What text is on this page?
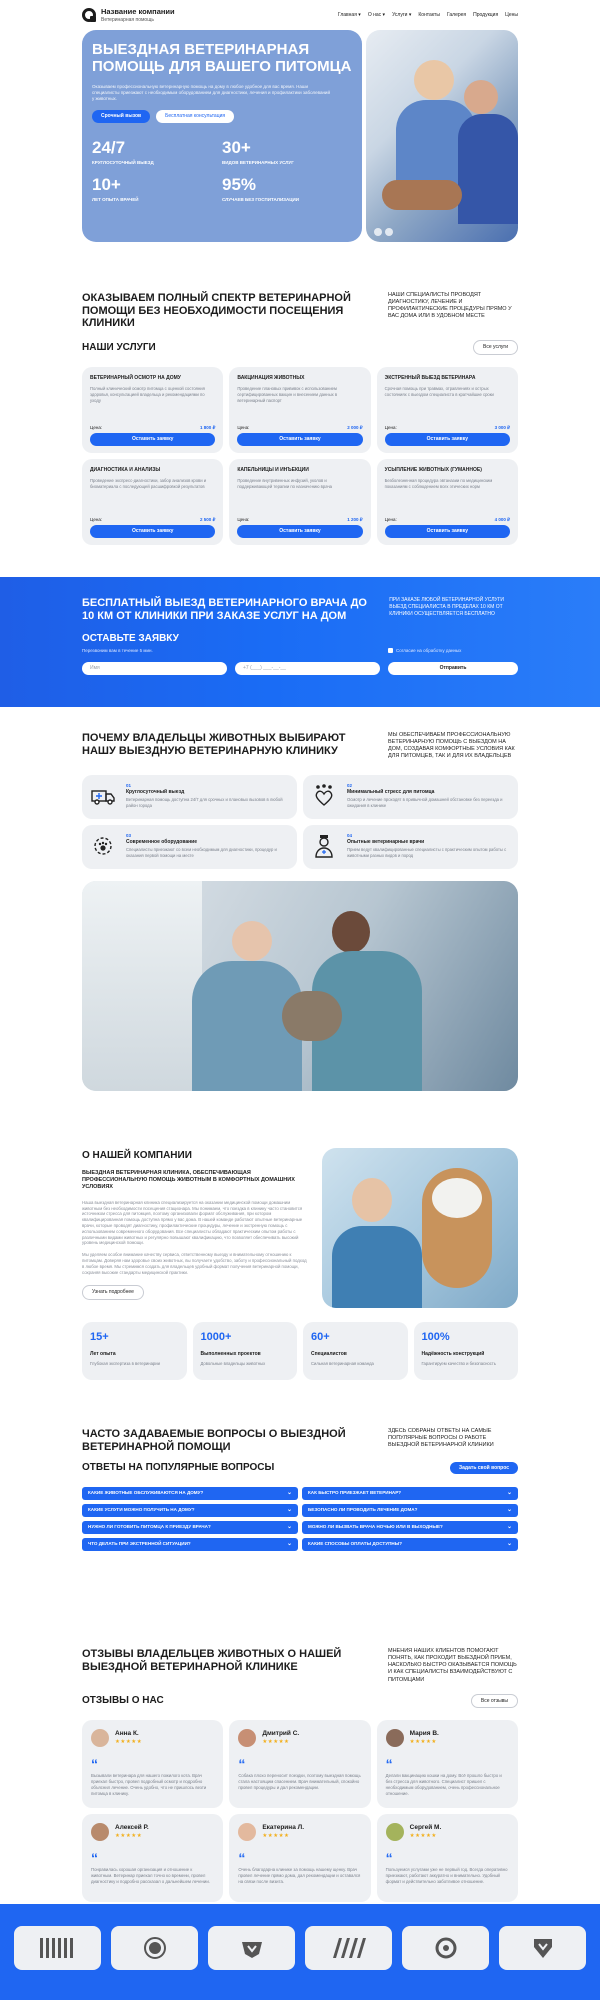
Название компании
Ветеринарная помощь
Главная ▾ О нас ▾ Услуги ▾ Контакты Галерея Продукция Цены
ВЫЕЗДНАЯ ВЕТЕРИНАРНАЯ ПОМОЩЬ ДЛЯ ВАШЕГО ПИТОМЦА
Оказываем профессиональную ветеринарную помощь на дому в любое удобное для вас время. Наши специалисты приезжают с необходимым оборудованием для диагностики, лечения и профилактики заболеваний у животных.
Срочный вызов	Бесплатная консультация
24/7
КРУГЛОСУТОЧНЫЙ ВЫЕЗД
30+
ВИДОВ ВЕТЕРИНАРНЫХ УСЛУГ
10+
ЛЕТ ОПЫТА ВРАЧЕЙ
95%
СЛУЧАЕВ БЕЗ ГОСПИТАЛИЗАЦИИ
ОКАЗЫВАЕМ ПОЛНЫЙ СПЕКТР ВЕТЕРИНАРНОЙ ПОМОЩИ БЕЗ НЕОБХОДИМОСТИ ПОСЕЩЕНИЯ КЛИНИКИ
НАШИ СПЕЦИАЛИСТЫ ПРОВОДЯТ ДИАГНОСТИКУ, ЛЕЧЕНИЕ И ПРОФИЛАКТИЧЕСКИЕ ПРОЦЕДУРЫ ПРЯМО У ВАС ДОМА ИЛИ В УДОБНОМ МЕСТЕ
НАШИ УСЛУГИ	Все услуги
ВЕТЕРИНАРНЫЙ ОСМОТР НА ДОМУ
Полный клинический осмотр питомца с оценкой состояния здоровья, консультацией владельца и рекомендациями по уходу
Цена:	1 800 ₽
Оставить заявку
ВАКЦИНАЦИЯ ЖИВОТНЫХ
Проведение плановых прививок с использованием сертифицированных вакцин и внесением данных в ветеринарный паспорт
Цена:	2 000 ₽
Оставить заявку
ЭКСТРЕННЫЙ ВЫЕЗД ВЕТЕРИНАРА
Срочная помощь при травмах, отравлениях и острых состояниях с выездом специалиста в кратчайшие сроки
Цена:	3 000 ₽
Оставить заявку
ДИАГНОСТИКА И АНАЛИЗЫ
Проведение экспресс-диагностики, забор анализов крови и биоматериала с последующей расшифровкой результатов
Цена:	2 500 ₽
Оставить заявку
КАПЕЛЬНИЦЫ И ИНЪЕКЦИИ
Проведение внутривенных инфузий, уколов и поддерживающей терапии по назначению врача
Цена:	1 200 ₽
Оставить заявку
УСЫПЛЕНИЕ ЖИВОТНЫХ (ГУМАННОЕ)
Безболезненная процедура эвтаназии по медицинским показаниям с соблюдением всех этических норм
Цена:	4 000 ₽
Оставить заявку
БЕСПЛАТНЫЙ ВЫЕЗД ВЕТЕРИНАРНОГО ВРАЧА ДО 10 КМ ОТ КЛИНИКИ ПРИ ЗАКАЗЕ УСЛУГ НА ДОМ
ПРИ ЗАКАЗЕ ЛЮБОЙ ВЕТЕРИНАРНОЙ УСЛУГИ ВЫЕЗД СПЕЦИАЛИСТА В ПРЕДЕЛАХ 10 КМ ОТ КЛИНИКИ ОСУЩЕСТВЛЯЕТСЯ БЕСПЛАТНО
ОСТАВЬТЕ ЗАЯВКУ
Перезвоним вам в течение 5 мин.	Согласие на обработку данных
Имя	+7 (___) ___-__-__	Отправить
ПОЧЕМУ ВЛАДЕЛЬЦЫ ЖИВОТНЫХ ВЫБИРАЮТ НАШУ ВЫЕЗДНУЮ ВЕТЕРИНАРНУЮ КЛИНИКУ
МЫ ОБЕСПЕЧИВАЕМ ПРОФЕССИОНАЛЬНУЮ ВЕТЕРИНАРНУЮ ПОМОЩЬ С ВЫЕЗДОМ НА ДОМ, СОЗДАВАЯ КОМФОРТНЫЕ УСЛОВИЯ КАК ДЛЯ ПИТОМЦЕВ, ТАК И ДЛЯ ИХ ВЛАДЕЛЬЦЕВ
01
Круглосуточный выезд
Ветеринарная помощь доступна 24/7 для срочных и плановых вызовов в любой район города
02
Минимальный стресс для питомца
Осмотр и лечение проходят в привычной домашней обстановке без переезда и ожидания в клинике
03
Современное оборудование
Специалисты приезжают со всем необходимым для диагностики, процедур и оказания первой помощи на месте
04
Опытные ветеринарные врачи
Прием ведут квалифицированные специалисты с практическим опытом работы с животными разных видов и пород
О НАШЕЙ КОМПАНИИ
ВЫЕЗДНАЯ ВЕТЕРИНАРНАЯ КЛИНИКА, ОБЕСПЕЧИВАЮЩАЯ ПРОФЕССИОНАЛЬНУЮ ПОМОЩЬ ЖИВОТНЫМ В КОМФОРТНЫХ ДОМАШНИХ УСЛОВИЯХ
Наша выездная ветеринарная клиника специализируется на оказании медицинской помощи домашним животным без необходимости посещения стационара. Мы понимаем, что поездка в клинику часто становится источником стресса для питомцев, поэтому организовали формат обслуживания, при котором квалифицированная помощь доступна прямо у вас дома. В нашей команде работают опытные ветеринарные врачи, которые проводят диагностику, профилактические процедуры, лечение и экстренную помощь с использованием современного оборудования. Все специалисты обладают практическим опытом работы с различными видами животных и регулярно повышают квалификацию, что позволяет обеспечивать высокий уровень медицинской помощи.
Мы уделяем особое внимание качеству сервиса, ответственному выезду и внимательному отношению к питомцам. Доверяя нам здоровье своих животных, вы получаете удобство, заботу и профессиональный подход в любое время. Мы стремимся создать для владельцев удобный формат получения ветеринарной помощи, сохраняя высокие стандарты медицинской практики.
Узнать подробнее
15+
Лет опыта
Глубокая экспертиза в ветеринарии
1000+
Выполненных проектов
Довольные владельцы животных
60+
Специалистов
Сильная ветеринарная команда
100%
Надёжность конструкций
Гарантируем качество и безопасность
ЧАСТО ЗАДАВАЕМЫЕ ВОПРОСЫ О ВЫЕЗДНОЙ ВЕТЕРИНАРНОЙ ПОМОЩИ
ЗДЕСЬ СОБРАНЫ ОТВЕТЫ НА САМЫЕ ПОПУЛЯРНЫЕ ВОПРОСЫ О РАБОТЕ ВЫЕЗДНОЙ ВЕТЕРИНАРНОЙ КЛИНИКИ
ОТВЕТЫ НА ПОПУЛЯРНЫЕ ВОПРОСЫ	Задать свой вопрос
КАКИЕ ЖИВОТНЫЕ ОБСЛУЖИВАЮТСЯ НА ДОМУ?	⌄	КАК БЫСТРО ПРИЕЗЖАЕТ ВЕТЕРИНАР?	⌄
КАКИЕ УСЛУГИ МОЖНО ПОЛУЧИТЬ НА ДОМУ?	⌄	БЕЗОПАСНО ЛИ ПРОВОДИТЬ ЛЕЧЕНИЕ ДОМА?	⌄
НУЖНО ЛИ ГОТОВИТЬ ПИТОМЦА К ПРИЕЗДУ ВРАЧА?	⌄	МОЖНО ЛИ ВЫЗВАТЬ ВРАЧА НОЧЬЮ ИЛИ В ВЫХОДНЫЕ?	⌄
ЧТО ДЕЛАТЬ ПРИ ЭКСТРЕННОЙ СИТУАЦИИ?	⌄	КАКИЕ СПОСОБЫ ОПЛАТЫ ДОСТУПНЫ?	⌄
ОТЗЫВЫ ВЛАДЕЛЬЦЕВ ЖИВОТНЫХ О НАШЕЙ ВЫЕЗДНОЙ ВЕТЕРИНАРНОЙ КЛИНИКЕ
МНЕНИЯ НАШИХ КЛИЕНТОВ ПОМОГАЮТ ПОНЯТЬ, КАК ПРОХОДИТ ВЫЕЗДНОЙ ПРИЕМ, НАСКОЛЬКО БЫСТРО ОКАЗЫВАЕТСЯ ПОМОЩЬ И КАК СПЕЦИАЛИСТЫ ВЗАИМОДЕЙСТВУЮТ С ПИТОМЦАМИ
ОТЗЫВЫ О НАС	Все отзывы
Анна К.
★★★★★
“
Вызывали ветеринара для нашего пожилого кота. Врач приехал быстро, провел подробный осмотр и подробно объяснил лечение. Очень удобно, что не пришлось везти питомца в клинику.
Дмитрий С.
★★★★★
“
Собака плохо переносит поездки, поэтому выездная помощь стала настоящим спасением. Врач внимательный, спокойно провел процедуры и дал рекомендации.
Мария В.
★★★★★
“
Делали вакцинацию кошки на дому. Всё прошло быстро и без стресса для животного. Специалист пришел с необходимым оборудованием, очень профессиональное отношение.
Алексей Р.
★★★★★
“
Понравилась хорошая организация и отношение к животным. Ветеринар приехал точно ко времени, провел диагностику и подробно рассказал о дальнейшем лечении.
Екатерина Л.
★★★★★
“
Очень благодарна клинике за помощь нашему щенку. Врач провел лечение прямо дома, дал рекомендации и оставался на связи после визита.
Сергей М.
★★★★★
“
Пользуемся услугами уже не первый год. Всегда оперативно приезжают, работают аккуратно и внимательно. Удобный формат и действительно заботливое отношение.
